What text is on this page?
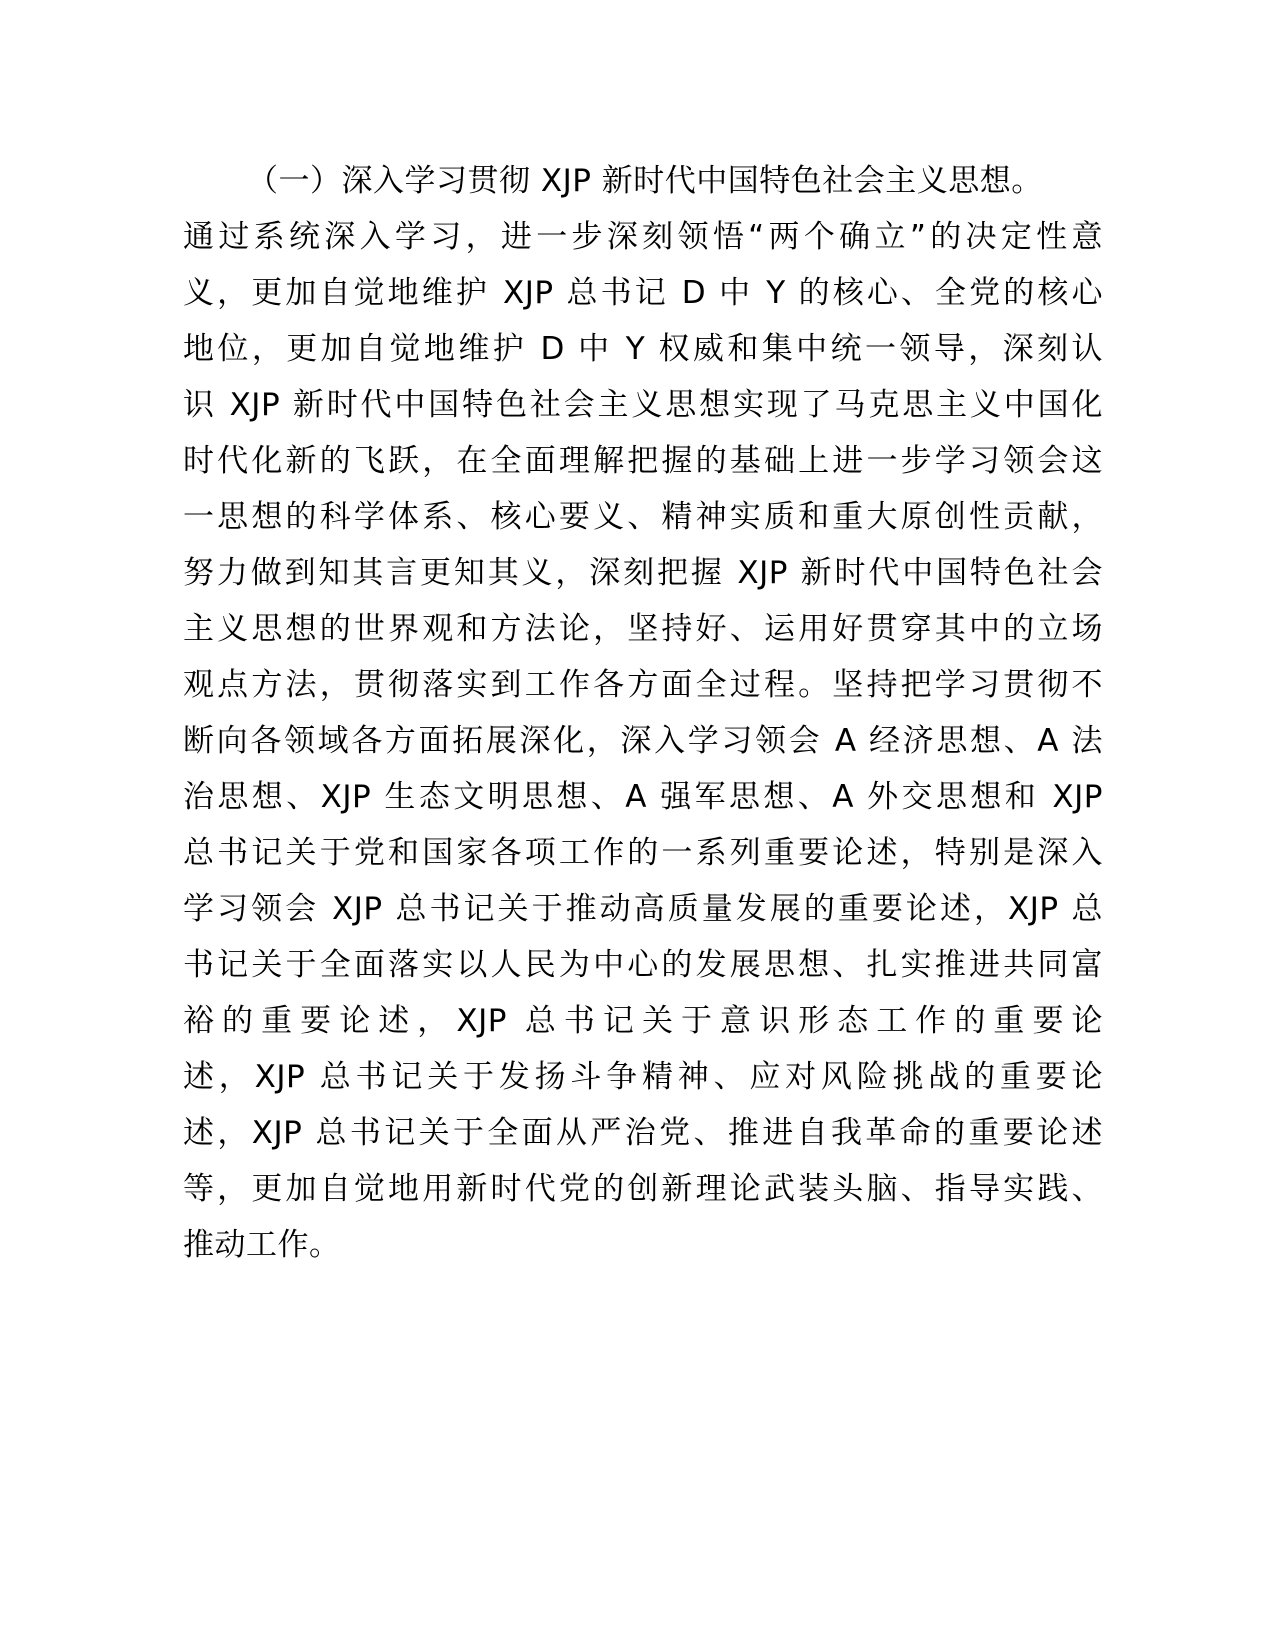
（一）深入学习贯彻 XJP 新时代中国特色社会主义思想。
通过系统深入学习，进一步深刻领悟“两个确立”的决定性意
义，更加自觉地维护 XJP 总书记 D 中 Y 的核心、全党的核心
地位，更加自觉地维护 D 中 Y 权威和集中统一领导，深刻认
识 XJP 新时代中国特色社会主义思想实现了马克思主义中国化
时代化新的飞跃，在全面理解把握的基础上进一步学习领会这
一思想的科学体系、核心要义、精神实质和重大原创性贡献，
努力做到知其言更知其义，深刻把握 XJP 新时代中国特色社会
主义思想的世界观和方法论，坚持好、运用好贯穿其中的立场
观点方法，贯彻落实到工作各方面全过程。坚持把学习贯彻不
断向各领域各方面拓展深化，深入学习领会 A 经济思想、A 法
治思想、XJP 生态文明思想、A 强军思想、A 外交思想和 XJP
总书记关于党和国家各项工作的一系列重要论述，特别是深入
学习领会 XJP 总书记关于推动高质量发展的重要论述，XJP 总
书记关于全面落实以人民为中心的发展思想、扎实推进共同富
裕的重要论述，XJP 总书记关于意识形态工作的重要论
述，XJP 总书记关于发扬斗争精神、应对风险挑战的重要论
述，XJP 总书记关于全面从严治党、推进自我革命的重要论述
等，更加自觉地用新时代党的创新理论武装头脑、指导实践、
推动工作。
